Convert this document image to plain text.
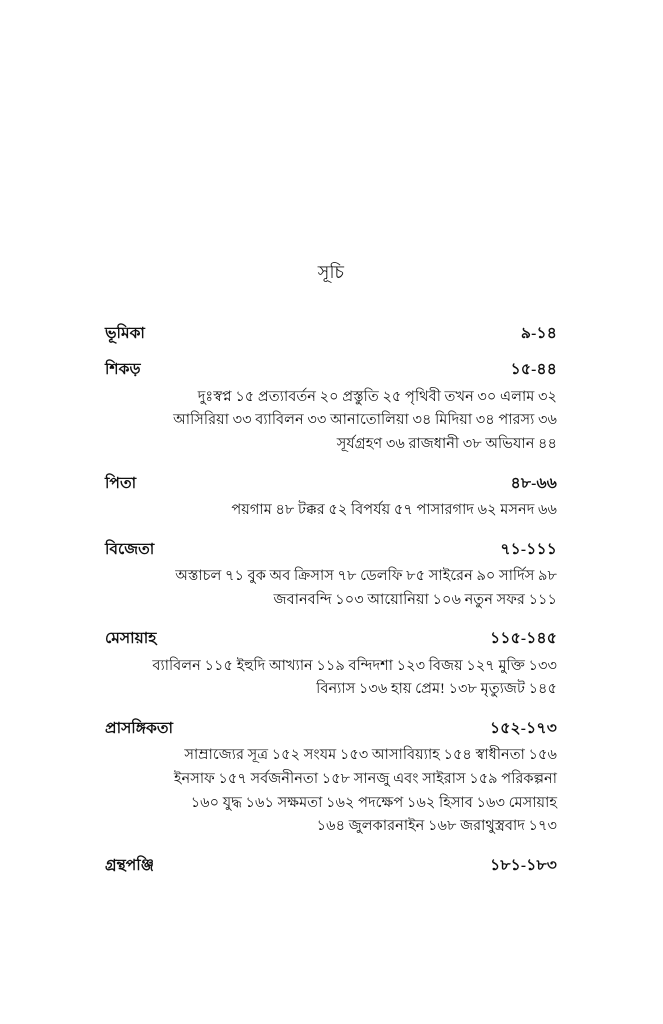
সূচি
ভূমিকা	৯-১৪
শিকড়	১৫-৪৪
দুঃস্বপ্ন ১৫ প্রত্যাবর্তন ২০ প্রস্তুতি ২৫ পৃথিবী তখন ৩০ এলাম ৩২
আসিরিয়া ৩৩ ব্যাবিলন ৩৩ আনাতোলিয়া ৩৪ মিদিয়া ৩৪ পারস্য ৩৬
সূর্যগ্রহণ ৩৬ রাজধানী ৩৮ অভিযান ৪৪
পিতা	৪৮-৬৬
পয়গাম ৪৮ টক্কর ৫২ বিপর্যয় ৫৭ পাসারগাদ ৬২ মসনদ ৬৬
বিজেতা	৭১-১১১
অস্তাচল ৭১ বুক অব ক্রিসাস ৭৮ ডেলফি ৮৫ সাইরেন ৯০ সার্দিস ৯৮
জবানবন্দি ১০৩ আয়োনিয়া ১০৬ নতুন সফর ১১১
মেসায়াহ	১১৫-১৪৫
ব্যাবিলন ১১৫ ইহুদি আখ্যান ১১৯ বন্দিদশা ১২৩ বিজয় ১২৭ মুক্তি ১৩৩
বিন্যাস ১৩৬ হায় প্রেম! ১৩৮ মৃত্যুজট ১৪৫
প্রাসঙ্গিকতা	১৫২-১৭৩
সাম্রাজ্যের সূত্র ১৫২ সংযম ১৫৩ আসাবিয়্যাহ ১৫৪ স্বাধীনতা ১৫৬
ইনসাফ ১৫৭ সর্বজনীনতা ১৫৮ সানজু এবং সাইরাস ১৫৯ পরিকল্পনা
১৬০ যুদ্ধ ১৬১ সক্ষমতা ১৬২ পদক্ষেপ ১৬২ হিসাব ১৬৩ মেসায়াহ
১৬৪ জুলকারনাইন ১৬৮ জরাথুস্ত্রবাদ ১৭৩
গ্রন্থপঞ্জি	১৮১-১৮৩
